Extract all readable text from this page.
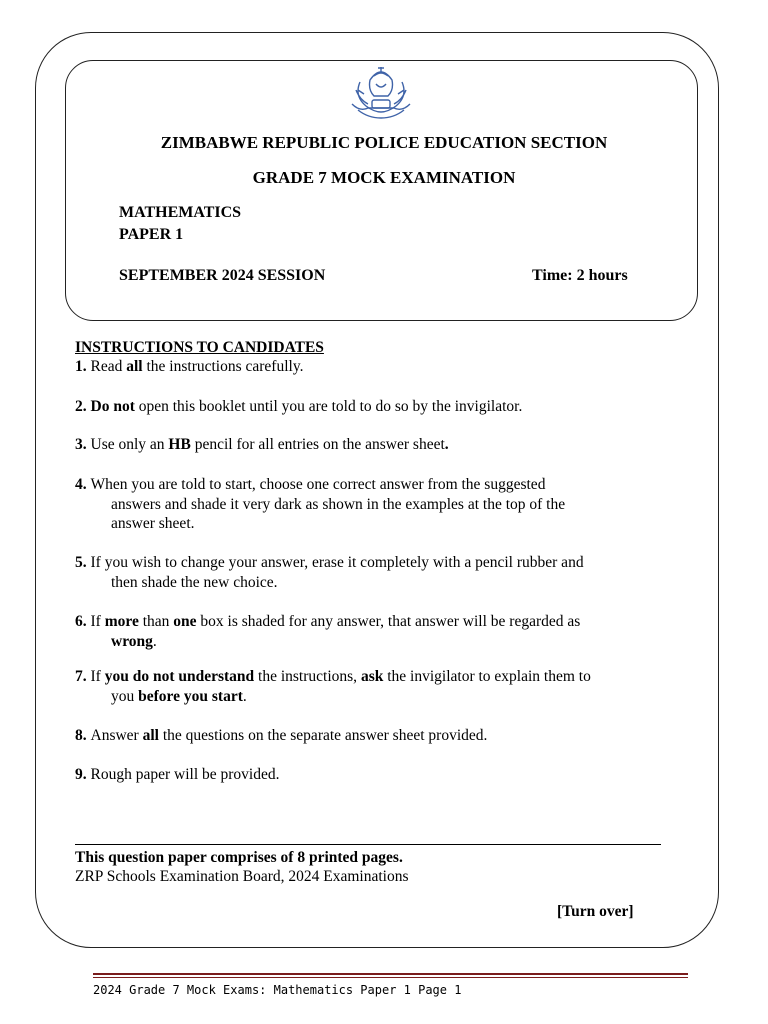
ZIMBABWE REPUBLIC POLICE EDUCATION SECTION
GRADE 7 MOCK EXAMINATION
MATHEMATICS
PAPER 1
SEPTEMBER 2024 SESSION	Time: 2 hours
INSTRUCTIONS TO CANDIDATES
1. Read all the instructions carefully.
2. Do not open this booklet until you are told to do so by the invigilator.
3. Use only an HB pencil for all entries on the answer sheet.
4. When you are told to start, choose one correct answer from the suggested
answers and shade it very dark as shown in the examples at the top of the
answer sheet.
5. If you wish to change your answer, erase it completely with a pencil rubber and
then shade the new choice.
6. If more than one box is shaded for any answer, that answer will be regarded as
wrong.
7. If you do not understand the instructions, ask the invigilator to explain them to
you before you start.
8. Answer all the questions on the separate answer sheet provided.
9. Rough paper will be provided.
This question paper comprises of 8 printed pages.
ZRP Schools Examination Board, 2024 Examinations
[Turn over]
2024 Grade 7 Mock Exams: Mathematics Paper 1 Page 1
